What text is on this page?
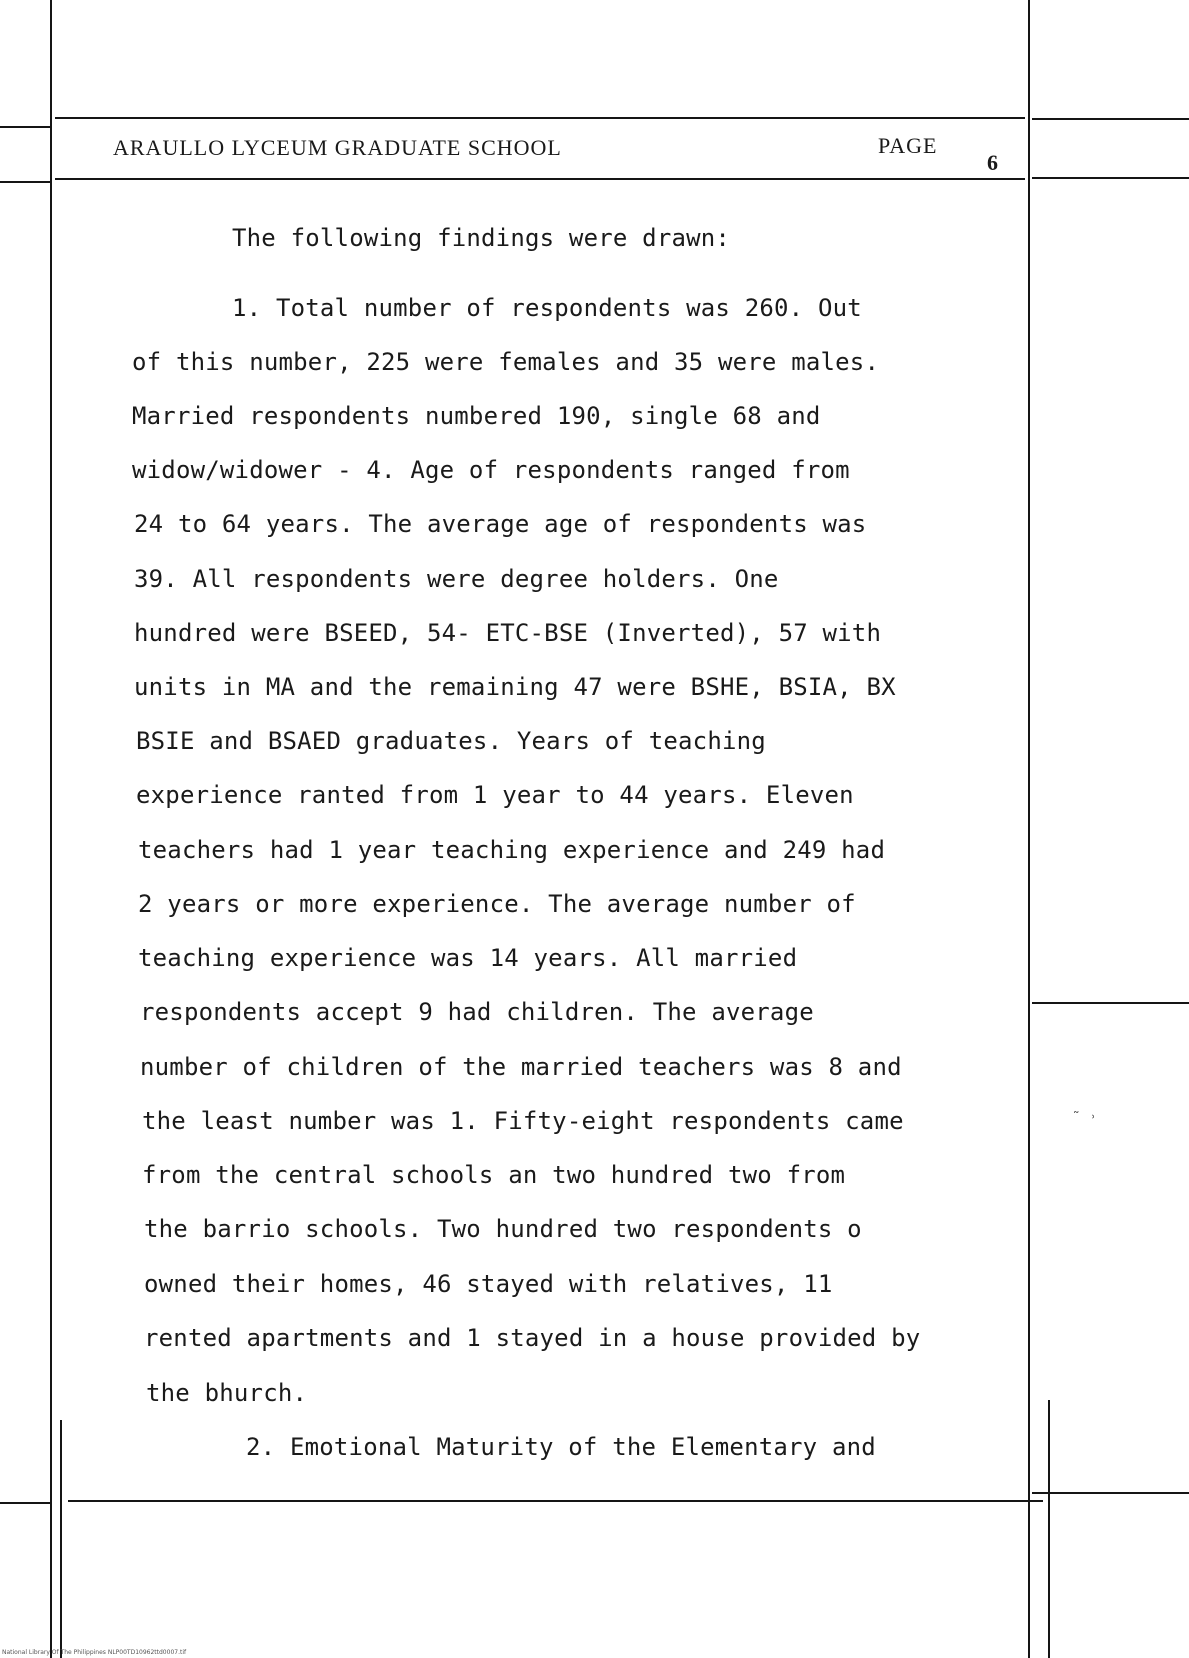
ARAULLO LYCEUM GRADUATE SCHOOL	PAGE
6
The following findings were drawn:
1. Total number of respondents was 260. Out
of this number, 225 were females and 35 were males.
Married respondents numbered 190, single 68 and
widow/widower - 4. Age of respondents ranged from
24 to 64 years. The average age of respondents was
39. All respondents were degree holders. One
hundred were BSEED, 54- ETC-BSE (Inverted), 57 with
units in MA and the remaining 47 were BSHE, BSIA, BX
BSIE and BSAED graduates. Years of teaching
experience ranted from 1 year to 44 years. Eleven
teachers had 1 year teaching experience and 249 had
2 years or more experience. The average number of
teaching experience was 14 years. All married
respondents accept 9 had children. The average
number of children of the married teachers was 8 and
the least number was 1. Fifty-eight respondents came
from the central schools an two hundred two from
the barrio schools. Two hundred two respondents o
owned their homes, 46 stayed with relatives, 11
rented apartments and 1 stayed in a house provided by
the bhurch.
2. Emotional Maturity of the Elementary and
˜ ˒
National Library Of The Philippines NLP00TD10962ttd0007.tif
